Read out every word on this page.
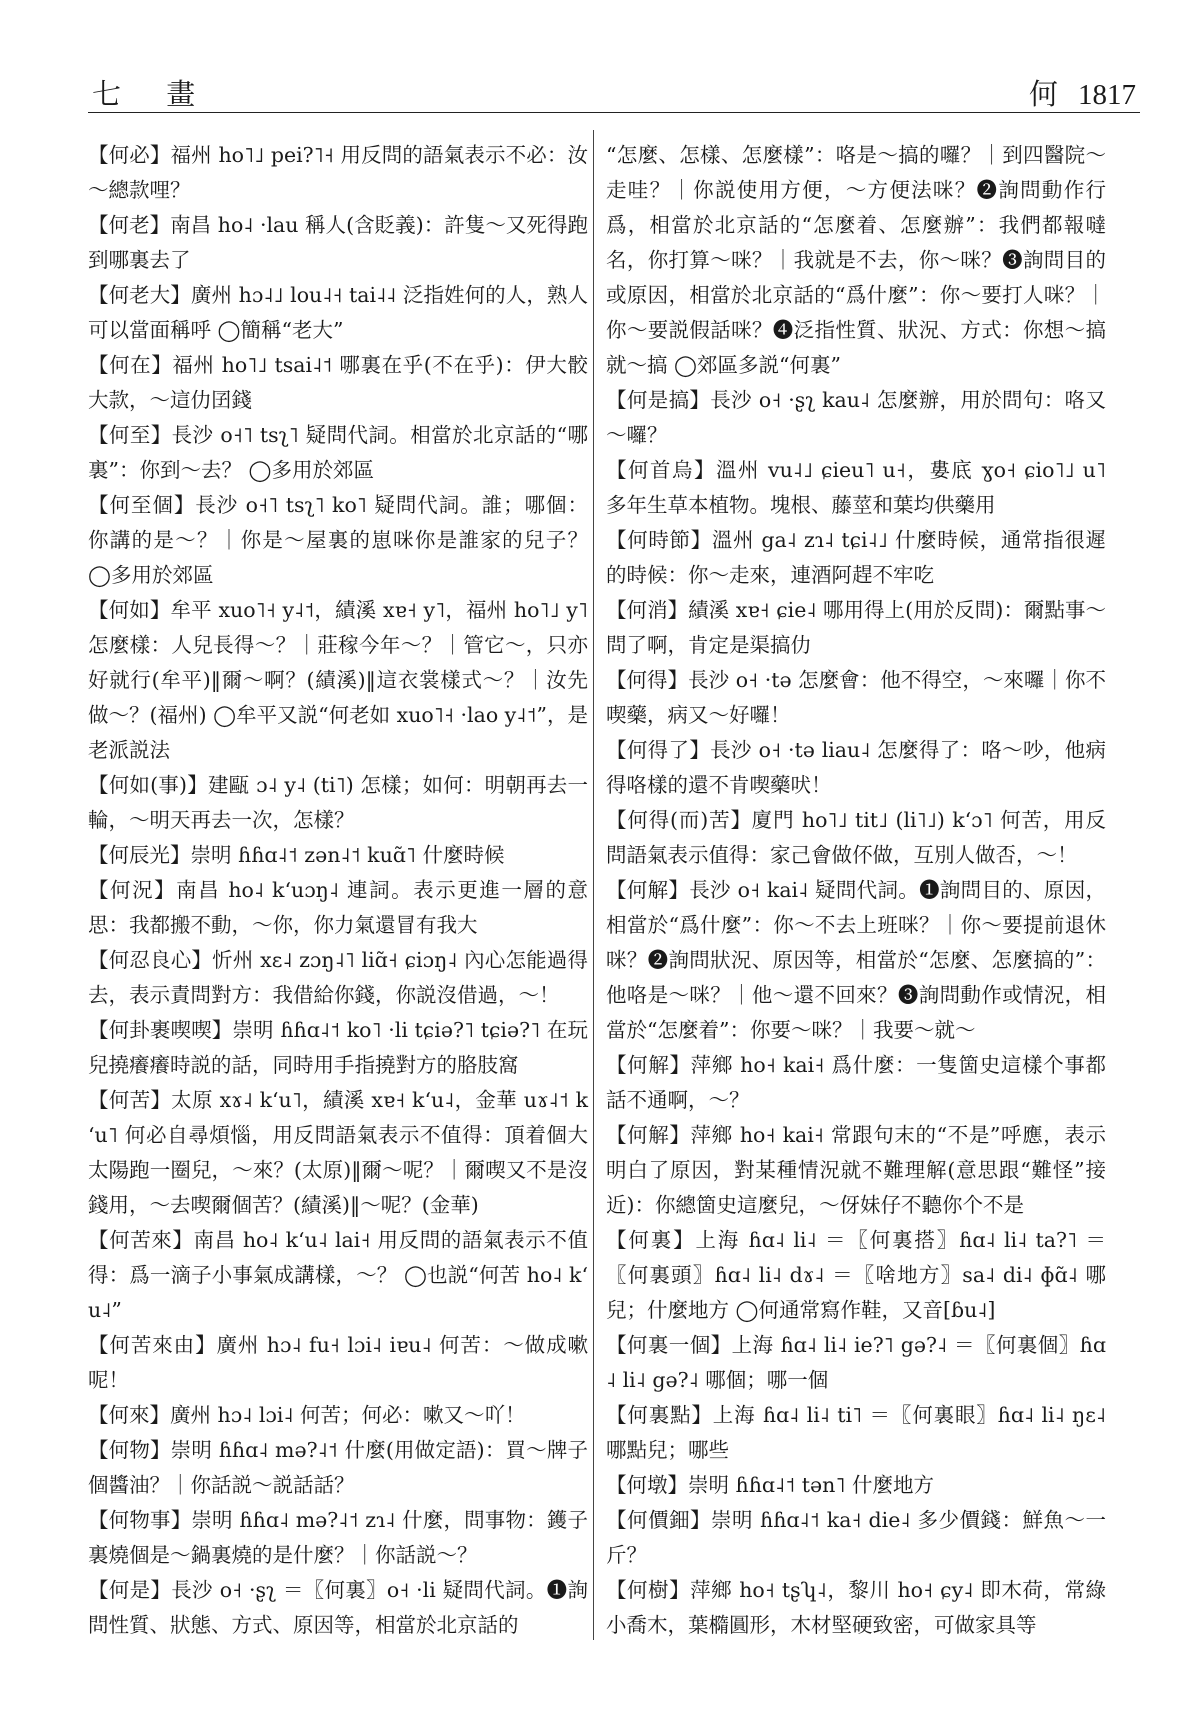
七 畫	何 1817

【何必】福州 ho˥˩ pei?˥˧ 用反問的語氣表示不必：汝～總款哩？

【何老】南昌 ho˨ ·lau 稱人(含貶義)：許隻～又死得跑到哪裏去了

【何老大】廣州 hɔ˨˩ lou˨˧ tai˨˨ 泛指姓何的人，熟人可以當面稱呼 ◯簡稱“老大”

【何在】福州 ho˥˩ tsai˨˦ 哪裏在乎(不在乎)：伊大骹大款，～這仂囝錢

【何至】長沙 o˧˥ tsʅ˥ 疑問代詞。相當於北京話的“哪裏”：你到～去？ ◯多用於郊區

【何至個】長沙 o˧˥ tsʅ˥ ko˥ 疑問代詞。誰；哪個：你講的是～？｜你是～屋裏的崽咪你是誰家的兒子？ ◯多用於郊區

【何如】牟平 xuo˥˧ y˨˦，績溪 xɐ˧ y˥，福州 ho˥˩ y˥ 怎麼樣：人兒長得～？｜莊稼今年～？｜管它～，只亦好就行(牟平)‖爾～啊？(績溪)‖這衣裳樣式～？｜汝先做～？(福州) ◯牟平又説“何老如 xuo˥˧ ·lao y˨˦”，是老派説法

【何如(事)】建甌 ɔ˨ y˨ (ti˥) 怎樣；如何：明朝再去一輪，～明天再去一次，怎樣？

【何辰光】崇明 ɦɦɑ˨˦ zən˨˦ kuɑ̃˥ 什麼時候

【何況】南昌 ho˨ kʻuɔŋ˨ 連詞。表示更進一層的意思：我都搬不動，～你，你力氣還冒有我大

【何忍良心】忻州 xɛ˨ zɔŋ˨˥ liɑ̃˧ ɕiɔŋ˨ 內心怎能過得去，表示責問對方：我借給你錢，你説沒借過，～！

【何卦裹喫喫】崇明 ɦɦɑ˨˦ ko˥ ·li tɕiə?˥ tɕiə?˥ 在玩兒撓癢癢時説的話，同時用手指撓對方的胳肢窩

【何苦】太原 xɤ˨ kʻu˥，績溪 xɐ˧ kʻu˨，金華 uɤ˨˦ kʻu˥ 何必自尋煩惱，用反問語氣表示不值得：頂着個大太陽跑一圈兒，～來？(太原)‖爾～呢？｜爾喫又不是沒錢用，～去喫爾個苦？(績溪)‖～呢？(金華)

【何苦來】南昌 ho˨ kʻu˨ lai˧ 用反問的語氣表示不值得：爲一滴子小事氣成講樣，～？ ◯也説“何苦 ho˨ kʻu˨”

【何苦來由】廣州 hɔ˨ fu˧ lɔi˨ iɐu˨ 何苦：～做成嗽呢！

【何來】廣州 hɔ˨ lɔi˨ 何苦；何必：嗽又～吖！

【何物】崇明 ɦɦɑ˨ mə?˨˦ 什麼(用做定語)：買～牌子個醬油？｜你話説～説話話？

【何物事】崇明 ɦɦɑ˨ mə?˨˦ zɿ˨ 什麼，問事物：鑊子裏燒個是～鍋裏燒的是什麼？｜你話説～？

【何是】長沙 o˧ ·ʂʅ ＝〖何裏〗o˧ ·li 疑問代詞。❶詢問性質、狀態、方式、原因等，相當於北京話的

“怎麼、怎樣、怎麼樣”：咯是～搞的囉？｜到四醫院～走哇？｜你説使用方便，～方便法咪？❷詢問動作行爲，相當於北京話的“怎麼着、怎麼辦”：我們都報噠名，你打算～咪？｜我就是不去，你～咪？❸詢問目的或原因，相當於北京話的“爲什麼”：你～要打人咪？｜你～要説假話咪？❹泛指性質、狀況、方式：你想～搞就～搞 ◯郊區多説“何裏”

【何是搞】長沙 o˧ ·ʂʅ kau˨ 怎麼辦，用於問句：咯又～囉？

【何首烏】溫州 vu˨˩ ɕieu˥ u˧，婁底 ɣo˧ ɕio˥˩ u˥ 多年生草本植物。塊根、藤莖和葉均供藥用

【何時節】溫州 ga˨ zɿ˨ tɕi˨˩ 什麼時候，通常指很遲的時候：你～走來，連酒阿趕不牢吃

【何消】績溪 xɐ˧ ɕie˨ 哪用得上(用於反問)：爾點事～問了啊，肯定是渠搞仂

【何得】長沙 o˧ ·tə 怎麼會：他不得空，～來囉｜你不喫藥，病又～好囉！

【何得了】長沙 o˧ ·tə liau˨ 怎麼得了：咯～吵，他病得咯樣的還不肯喫藥吠！

【何得(而)苦】廈門 ho˥˩ tit˩ (li˥˩) kʻɔ˥ 何苦，用反問語氣表示值得：家己會做伓做，互別人做否，～！

【何解】長沙 o˧ kai˨ 疑問代詞。❶詢問目的、原因，相當於“爲什麼”：你～不去上班咪？｜你～要提前退休咪？❷詢問狀況、原因等，相當於“怎麼、怎麼搞的”：他咯是～咪？｜他～還不回來？❸詢問動作或情況，相當於“怎麼着”：你要～咪？｜我要～就～

【何解】萍鄉 ho˧ kai˧ 爲什麼：一隻箇史這樣个事都話不通啊，～？

【何解】萍鄉 ho˧ kai˧ 常跟句末的“不是”呼應，表示明白了原因，對某種情況就不難理解(意思跟“難怪”接近)：你總箇史這麼兒，～伢妹仔不聽你个不是

【何裏】上海 ɦɑ˨ li˨ ＝〖何裏搭〗ɦɑ˨ li˨ ta?˥ ＝〖何裏頭〗ɦɑ˨ li˨ dɤ˨ ＝〖啥地方〗sa˨ di˨ ɸɑ̃˨ 哪兒；什麼地方 ◯何通常寫作鞋，又音[ɓu˨]

【何裏一個】上海 ɦɑ˨ li˨ ie?˥ gə?˨ ＝〖何裏個〗ɦɑ˨ li˨ gə?˨ 哪個；哪一個

【何裏點】上海 ɦɑ˨ li˨ ti˥ ＝〖何裏眼〗ɦɑ˨ li˨ ŋɛ˨ 哪點兒；哪些

【何墩】崇明 ɦɦɑ˨˦ tən˥ 什麼地方

【何價鈿】崇明 ɦɦɑ˨˦ ka˧ die˨ 多少價錢：鮮魚～一斤？

【何樹】萍鄉 ho˧ tʂʮ˨，黎川 ho˧ ɕy˨ 即木荷，常綠小喬木，葉橢圓形，木材堅硬致密，可做家具等
